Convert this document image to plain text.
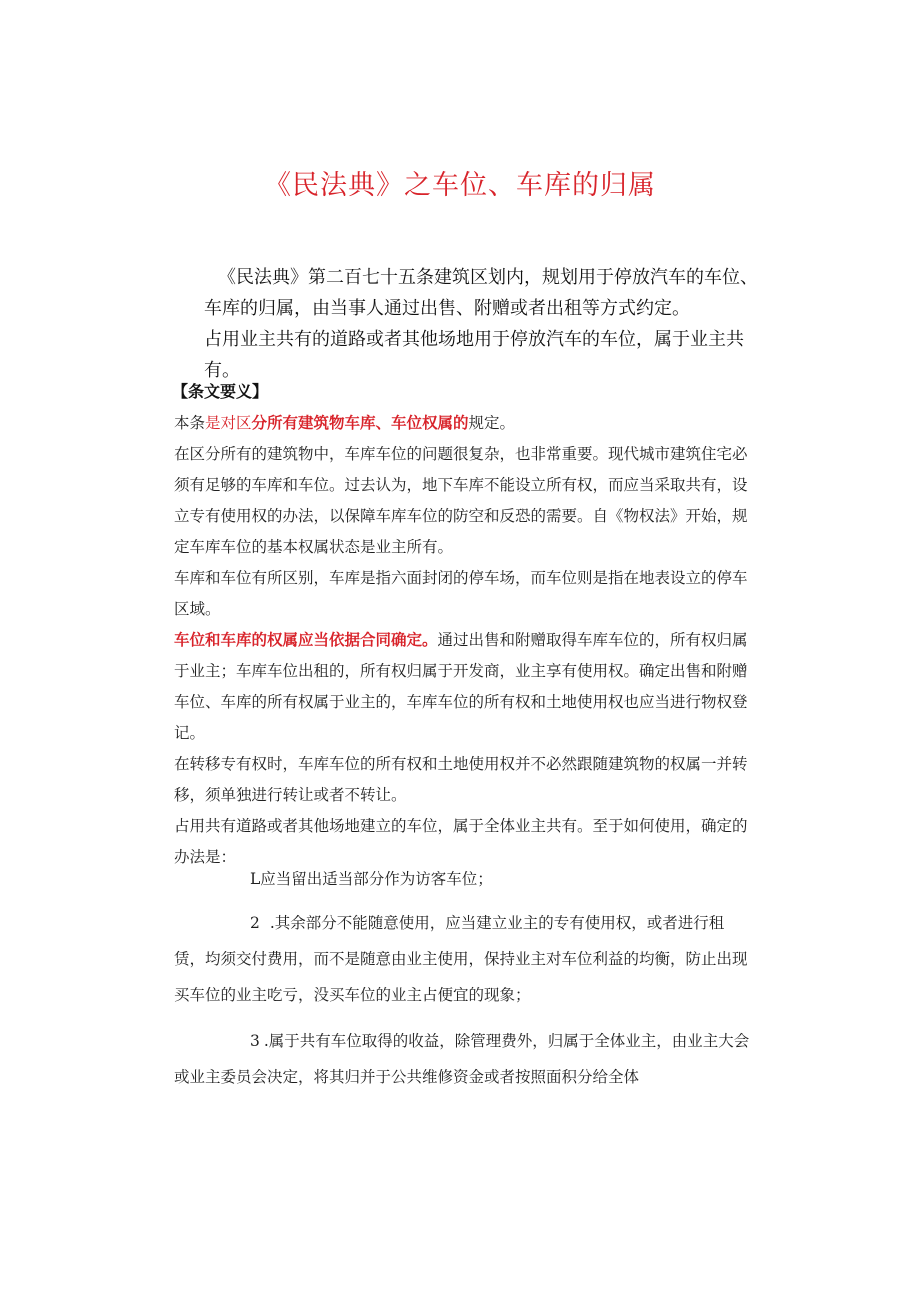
《民法典》之车位、车库的归属

《民法典》第二百七十五条建筑区划内，规划用于停放汽车的车位、车库的归属，由当事人通过出售、附赠或者出租等方式约定。

占用业主共有的道路或者其他场地用于停放汽车的车位，属于业主共有。

【条文要义】

本条是对区分所有建筑物车库、车位权属的规定。

在区分所有的建筑物中，车库车位的问题很复杂，也非常重要。现代城市建筑住宅必须有足够的车库和车位。过去认为，地下车库不能设立所有权，而应当采取共有，设立专有使用权的办法，以保障车库车位的防空和反恐的需要。自《物权法》开始，规定车库车位的基本权属状态是业主所有。

车库和车位有所区别，车库是指六面封闭的停车场，而车位则是指在地表设立的停车区域。

车位和车库的权属应当依据合同确定。通过出售和附赠取得车库车位的，所有权归属于业主；车库车位出租的，所有权归属于开发商，业主享有使用权。确定出售和附赠车位、车库的所有权属于业主的，车库车位的所有权和土地使用权也应当进行物权登记。

在转移专有权时，车库车位的所有权和土地使用权并不必然跟随建筑物的权属一并转移，须单独进行转让或者不转让。

占用共有道路或者其他场地建立的车位，属于全体业主共有。至于如何使用，确定的办法是：

L应当留出适当部分作为访客车位；
2 .其余部分不能随意使用，应当建立业主的专有使用权，或者进行租赁，均须交付费用，而不是随意由业主使用，保持业主对车位利益的均衡，防止出现买车位的业主吃亏，没买车位的业主占便宜的现象；
3 .属于共有车位取得的收益，除管理费外，归属于全体业主，由业主大会或业主委员会决定，将其归并于公共维修资金或者按照面积分给全体
